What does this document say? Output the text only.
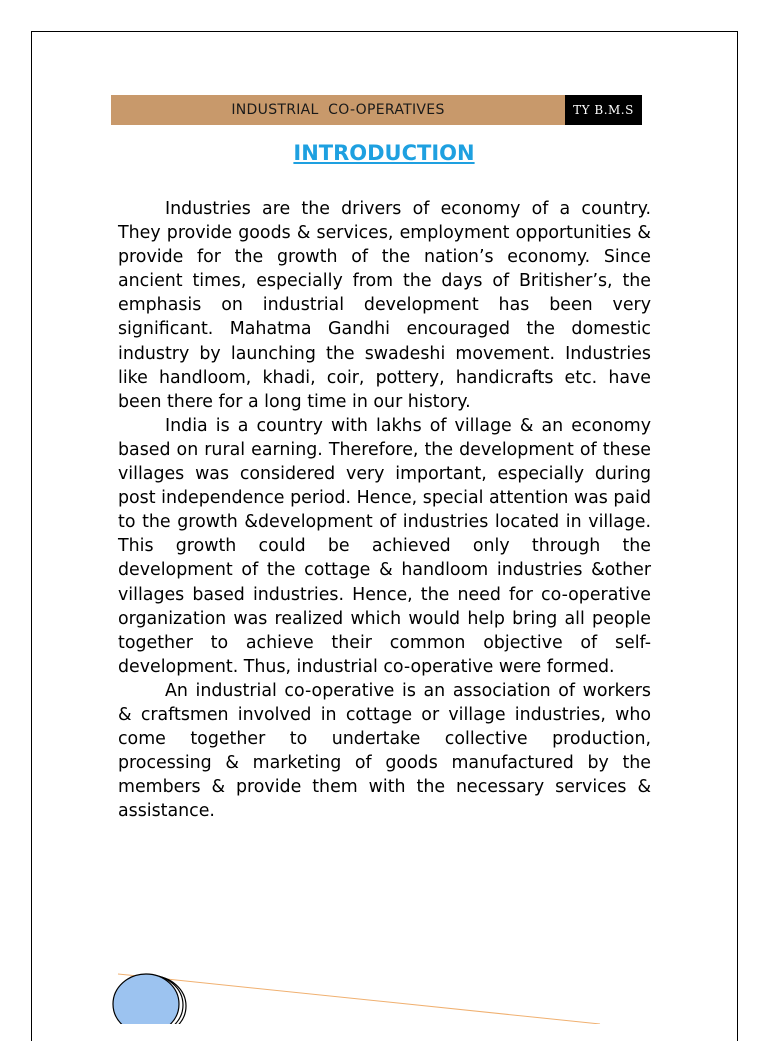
INDUSTRIAL  CO-OPERATIVES	TY B.M.S
INTRODUCTION

Industries are the drivers of economy of a country. They provide goods & services, employment opportunities & provide for the growth of the nation’s economy. Since ancient times, especially from the days of Britisher’s, the emphasis on industrial development has been very significant. Mahatma Gandhi encouraged the domestic industry by launching the swadeshi movement. Industries like handloom, khadi, coir, pottery, handicrafts etc. have been there for a long time in our history.

India is a country with lakhs of village & an economy based on rural earning. Therefore, the development of these villages was considered very important, especially during post independence period. Hence, special attention was paid to the growth &development of industries located in village. This growth could be achieved only through the development of the cottage & handloom industries &other villages based industries. Hence, the need for co-operative organization was realized which would help bring all people together to achieve their common objective of self-development. Thus, industrial co-operative were formed.

An industrial co-operative is an association of workers & craftsmen involved in cottage or village industries, who come together to undertake collective production, processing & marketing of goods manufactured by the members & provide them with the necessary services & assistance.
